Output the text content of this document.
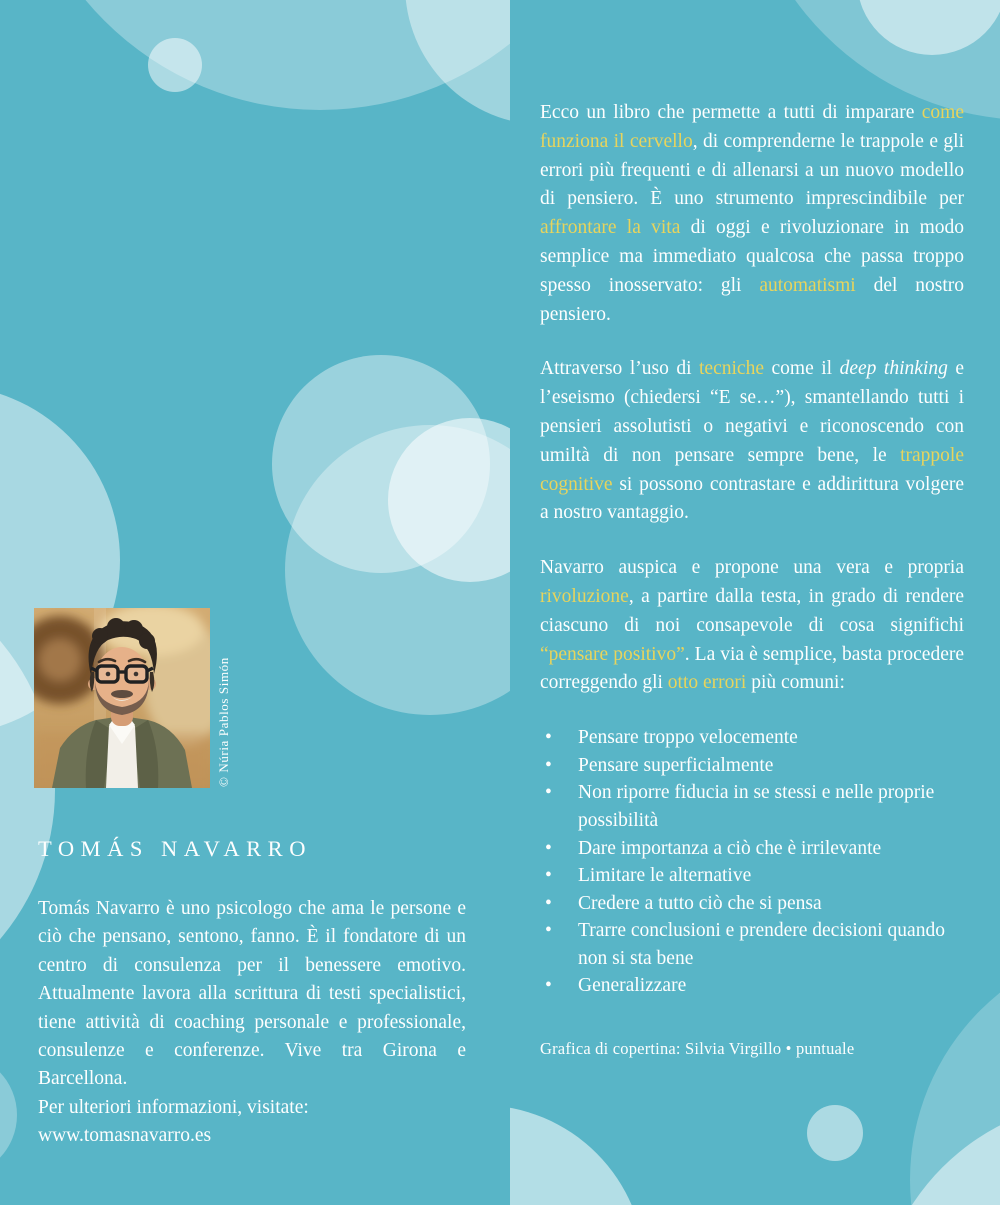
© Núria Pablos Simón
TOMÁS NAVARRO

Tomás Navarro è uno psicologo che ama le persone e ciò che pensano, sentono, fanno. È il fondatore di un centro di consulenza per il benessere emotivo. Attualmente lavora alla scrittura di testi specialistici, tiene attività di coaching personale e professionale, consulenze e conferenze. Vive tra Girona e Barcellona.

Per ulteriori informazioni, visitate:

www.tomasnavarro.es

Ecco un libro che permette a tutti di imparare come funziona il cervello, di comprenderne le trappole e gli errori più frequenti e di allenarsi a un nuovo modello di pensiero. È uno strumento imprescindibile per affrontare la vita di oggi e rivoluzionare in modo semplice ma immediato qualcosa che passa troppo spesso inosservato: gli automatismi del nostro pensiero.

Attraverso l’uso di tecniche come il deep thinking e l’eseismo (chiedersi “E se…”), smantellando tutti i pensieri assolutisti o negativi e riconoscendo con umiltà di non pensare sempre bene, le trappole cognitive si possono contrastare e addirittura volgere a nostro vantaggio.

Navarro auspica e propone una vera e propria rivoluzione, a partire dalla testa, in grado di rendere ciascuno di noi consapevole di cosa significhi “pensare positivo”. La via è semplice, basta procedere correggendo gli otto errori più comuni:

• Pensare troppo velocemente
• Pensare superficialmente
• Non riporre fiducia in se stessi e nelle proprie possibilità
• Dare importanza a ciò che è irrilevante
• Limitare le alternative
• Credere a tutto ciò che si pensa
• Trarre conclusioni e prendere decisioni quando non si sta bene
• Generalizzare

Grafica di copertina: Silvia Virgillo • puntuale
